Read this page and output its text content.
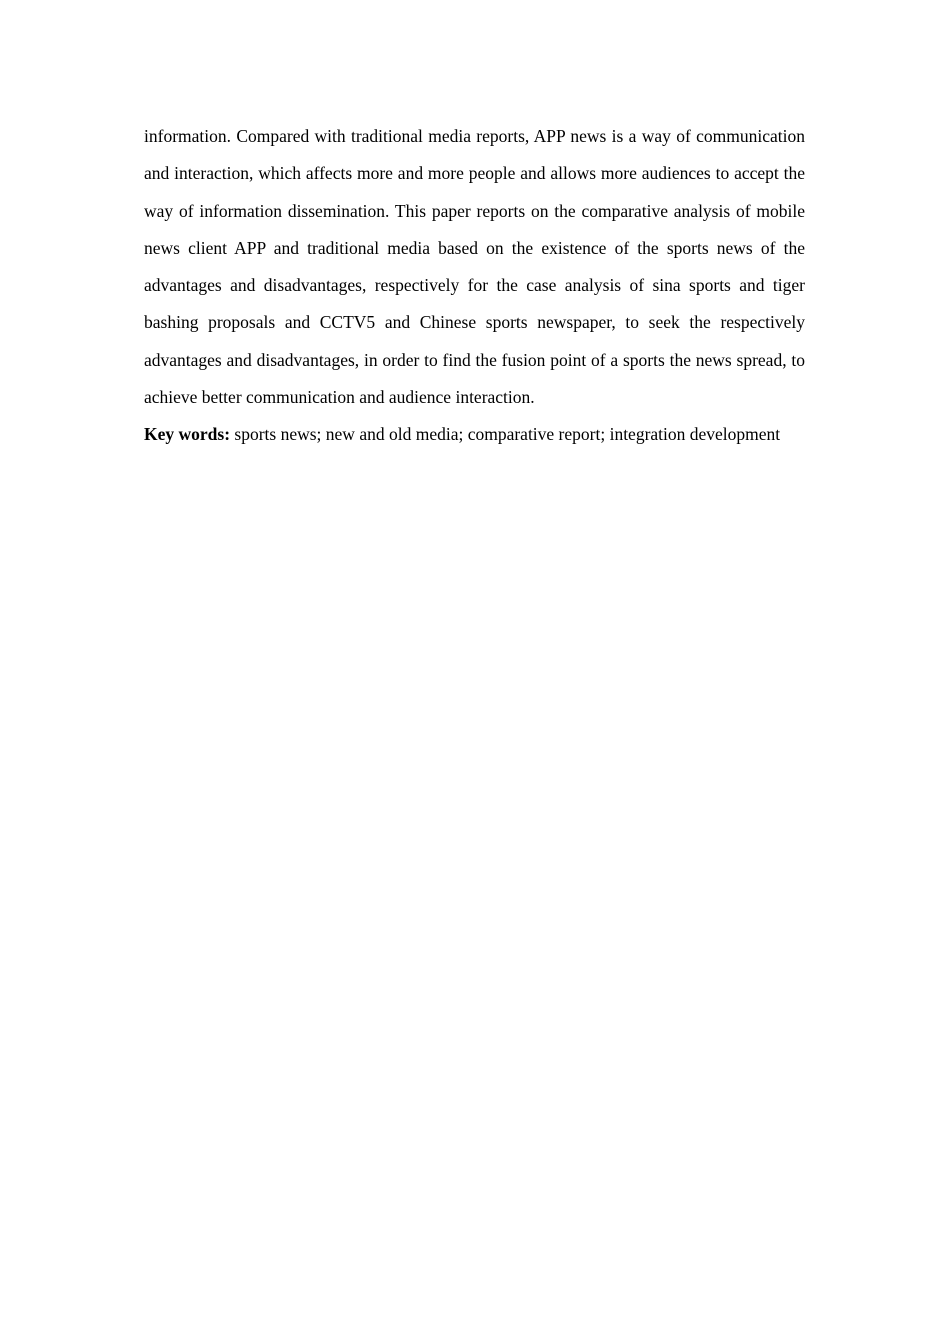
information. Compared with traditional media reports, APP news is a way of communication and interaction, which affects more and more people and allows more audiences to accept the way of information dissemination. This paper reports on the comparative analysis of mobile news client APP and traditional media based on the existence of the sports news of the advantages and disadvantages, respectively for the case analysis of sina sports and tiger bashing proposals and CCTV5 and Chinese sports newspaper, to seek the respectively advantages and disadvantages, in order to find the fusion point of a sports the news spread, to achieve better communication and audience interaction.

Key words: sports news; new and old media; comparative report; integration development
